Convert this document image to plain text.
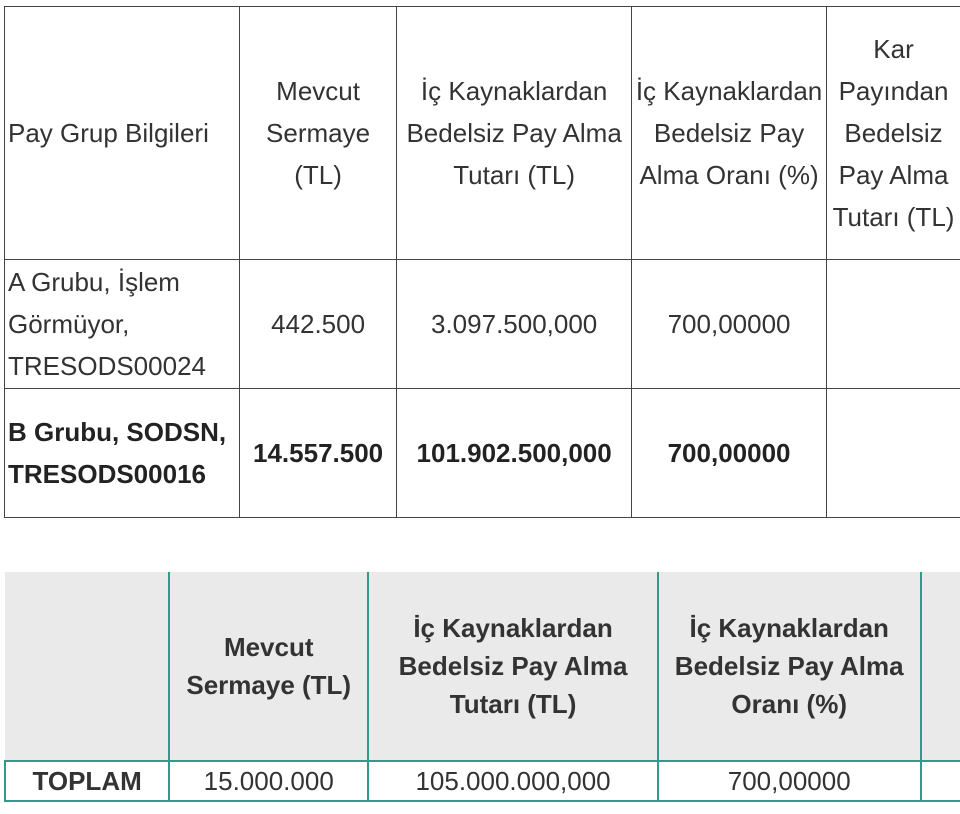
Pay Grup Bilgileri	Mevcut Sermaye (TL)	İç Kaynaklardan Bedelsiz Pay Alma Tutarı (TL)	İç Kaynaklardan Bedelsiz Pay Alma Oranı (%)	Kar Payından Bedelsiz Pay Alma Tutarı (TL)
A Grubu, İşlem Görmüyor, TRESODS00024	442.500	3.097.500,000	700,00000	
B Grubu, SODSN, TRESODS00016	14.557.500	101.902.500,000	700,00000	
	Mevcut Sermaye (TL)	İç Kaynaklardan Bedelsiz Pay Alma Tutarı (TL)	İç Kaynaklardan Bedelsiz Pay Alma Oranı (%)	
TOPLAM	15.000.000	105.000.000,000	700,00000	
